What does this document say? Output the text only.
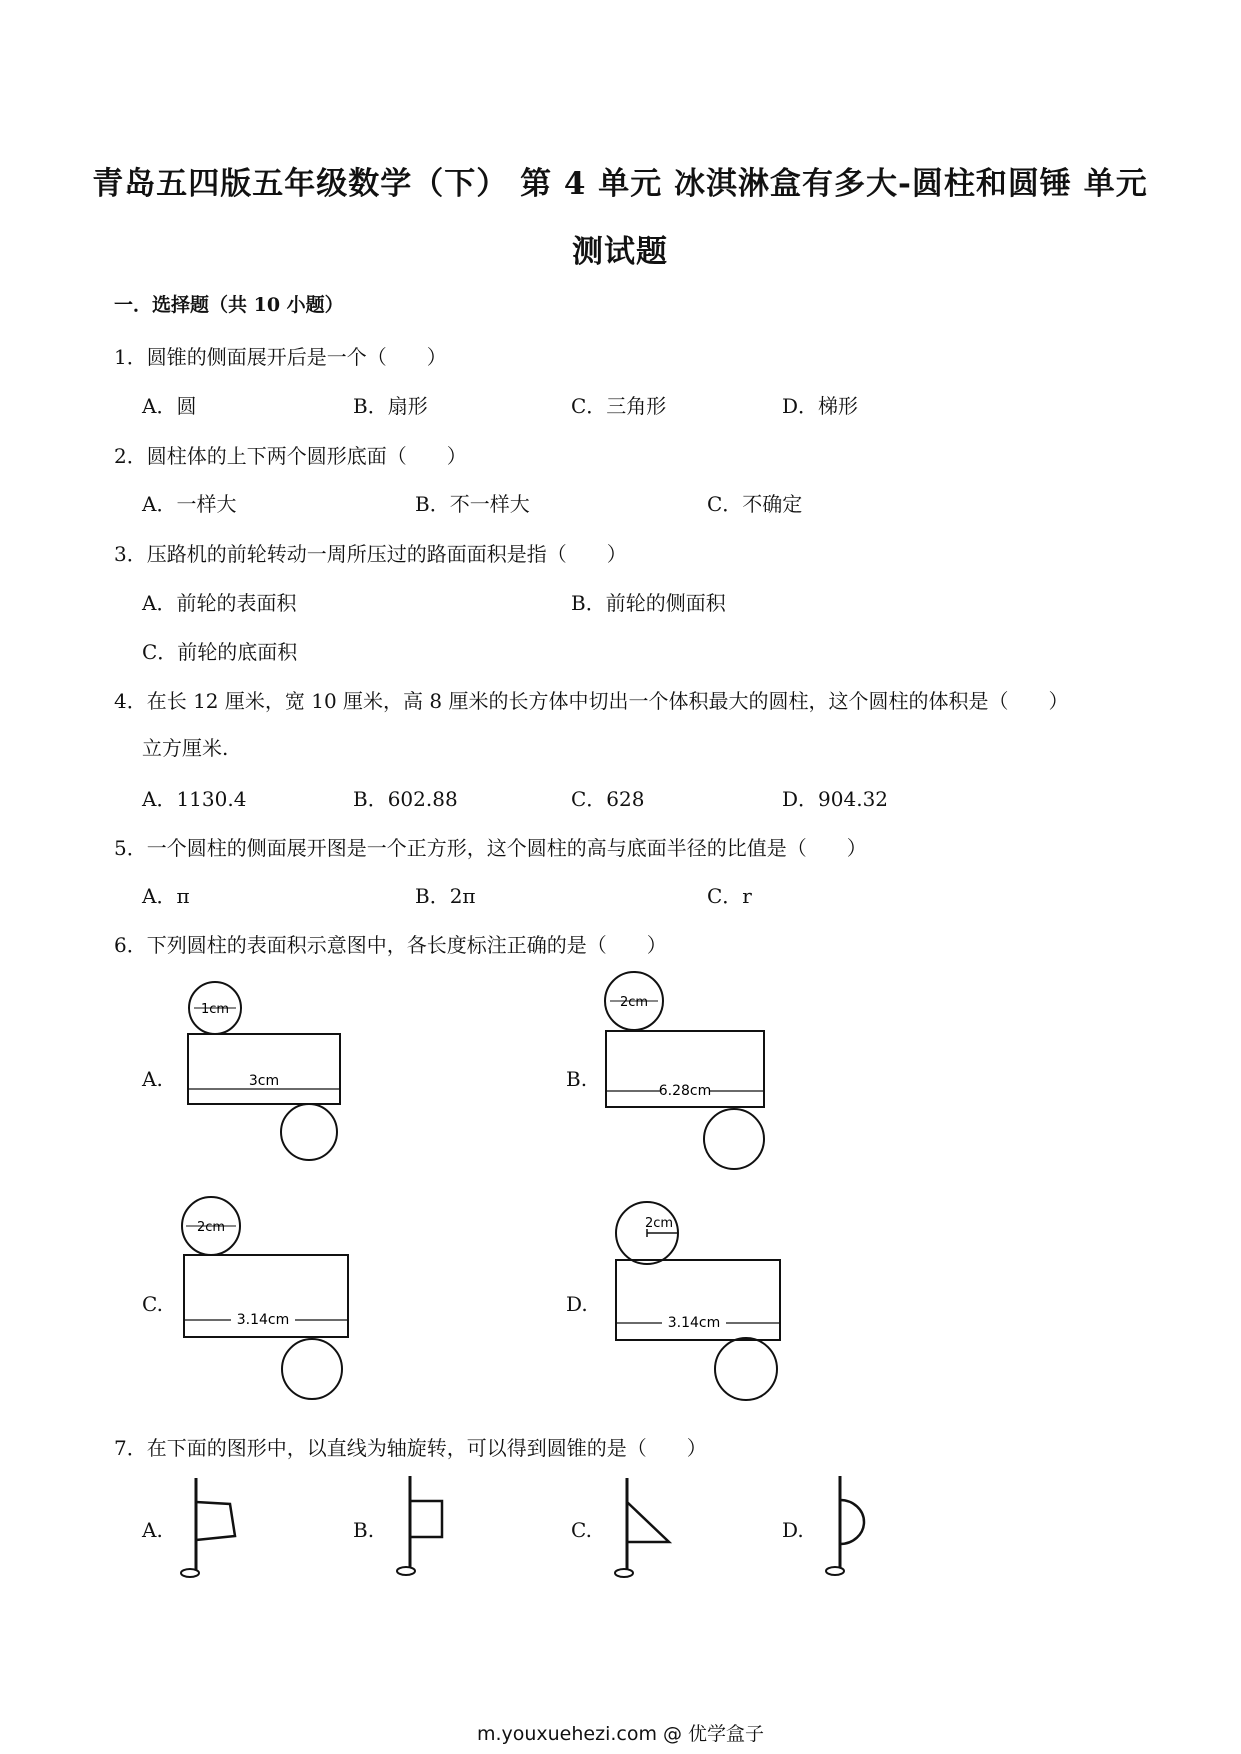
青岛五四版五年级数学（下） 第 4 单元 冰淇淋盒有多大-圆柱和圆锤 单元
测试题
一．选择题（共 10 小题）
1．圆锥的侧面展开后是一个（　　）
A．圆	B．扇形	C．三角形	D．梯形
2．圆柱体的上下两个圆形底面（　　）
A．一样大	B．不一样大	C．不确定
3．压路机的前轮转动一周所压过的路面面积是指（　　）
A．前轮的表面积	B．前轮的侧面积
C．前轮的底面积
4．在长 12 厘米，宽 10 厘米，高 8 厘米的长方体中切出一个体积最大的圆柱，这个圆柱的体积是（　　）
立方厘米.
A．1130.4	B．602.88	C．628	D．904.32
5．一个圆柱的侧面展开图是一个正方形，这个圆柱的高与底面半径的比值是（　　）
A．π	B．2π	C．r
6．下列圆柱的表面积示意图中，各长度标注正确的是（　　）
A.
1cm
3cm	B.
2cm
6.28cm
C.
2cm
3.14cm
D.
2cm
3.14cm
7．在下面的图形中，以直线为轴旋转，可以得到圆锥的是（　　）
A.	B.	C.	D.
m.youxuehezi.com @ 优学盒子
